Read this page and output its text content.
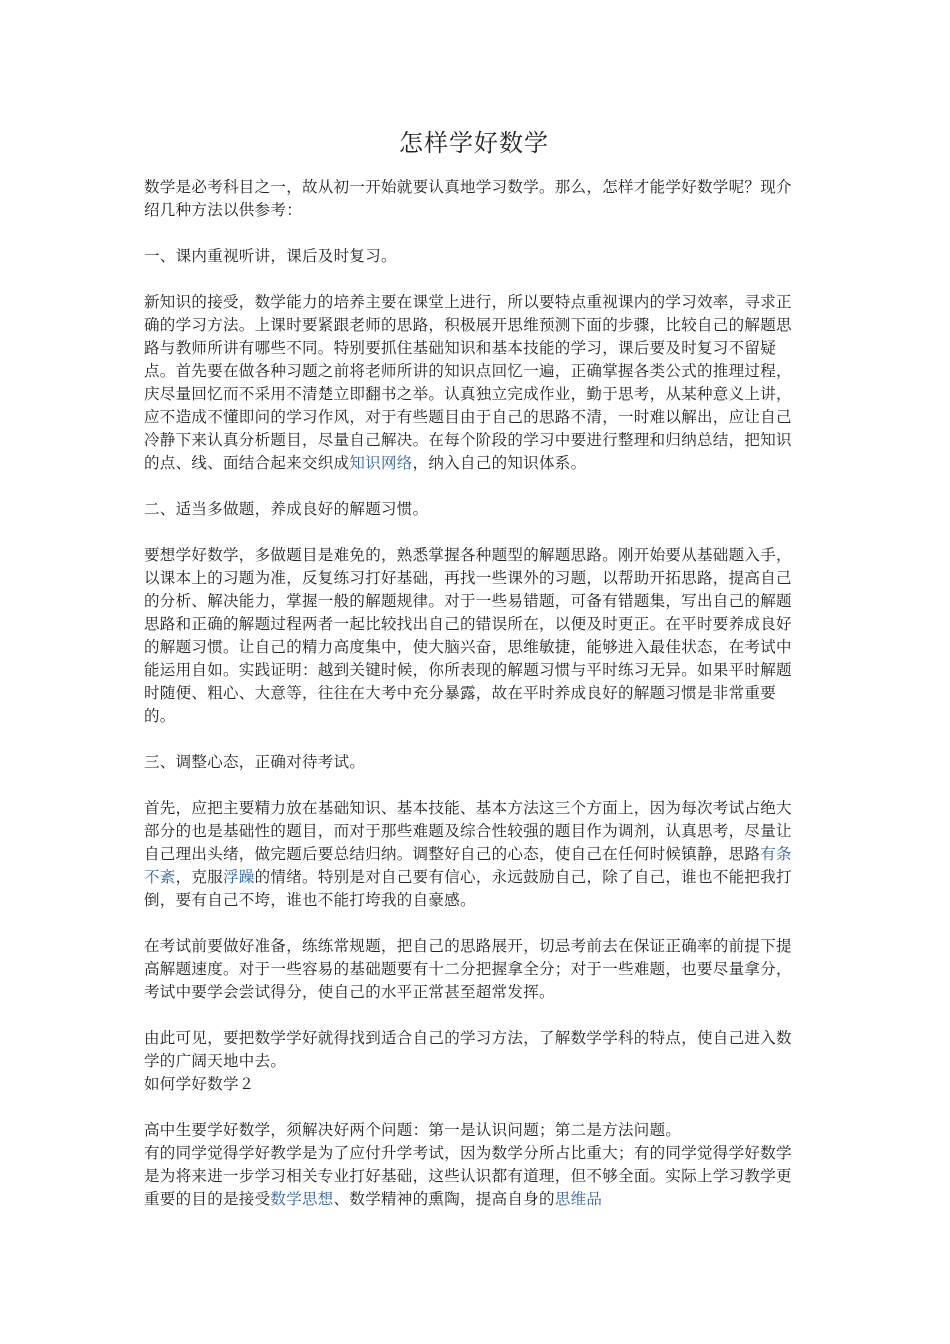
怎样学好数学

数学是必考科目之一，故从初一开始就要认真地学习数学。那么，怎样才能学好数学呢？现介绍几种方法以供参考：

一、课内重视听讲，课后及时复习。

新知识的接受，数学能力的培养主要在课堂上进行，所以要特点重视课内的学习效率，寻求正确的学习方法。上课时要紧跟老师的思路，积极展开思维预测下面的步骤，比较自己的解题思路与教师所讲有哪些不同。特别要抓住基础知识和基本技能的学习，课后要及时复习不留疑点。首先要在做各种习题之前将老师所讲的知识点回忆一遍，正确掌握各类公式的推理过程，庆尽量回忆而不采用不清楚立即翻书之举。认真独立完成作业，勤于思考，从某种意义上讲，应不造成不懂即问的学习作风，对于有些题目由于自己的思路不清，一时难以解出，应让自己冷静下来认真分析题目，尽量自己解决。在每个阶段的学习中要进行整理和归纳总结，把知识的点、线、面结合起来交织成知识网络，纳入自己的知识体系。

二、适当多做题，养成良好的解题习惯。

要想学好数学，多做题目是难免的，熟悉掌握各种题型的解题思路。刚开始要从基础题入手，以课本上的习题为准，反复练习打好基础，再找一些课外的习题，以帮助开拓思路，提高自己的分析、解决能力，掌握一般的解题规律。对于一些易错题，可备有错题集，写出自己的解题思路和正确的解题过程两者一起比较找出自己的错误所在，以便及时更正。在平时要养成良好的解题习惯。让自己的精力高度集中，使大脑兴奋，思维敏捷，能够进入最佳状态，在考试中能运用自如。实践证明：越到关键时候，你所表现的解题习惯与平时练习无异。如果平时解题时随便、粗心、大意等，往往在大考中充分暴露，故在平时养成良好的解题习惯是非常重要的。

三、调整心态，正确对待考试。

首先，应把主要精力放在基础知识、基本技能、基本方法这三个方面上，因为每次考试占绝大部分的也是基础性的题目，而对于那些难题及综合性较强的题目作为调剂，认真思考，尽量让自己理出头绪，做完题后要总结归纳。调整好自己的心态，使自己在任何时候镇静，思路有条不紊，克服浮躁的情绪。特别是对自己要有信心，永远鼓励自己，除了自己，谁也不能把我打倒，要有自己不垮，谁也不能打垮我的自豪感。

在考试前要做好准备，练练常规题，把自己的思路展开，切忌考前去在保证正确率的前提下提高解题速度。对于一些容易的基础题要有十二分把握拿全分；对于一些难题，也要尽量拿分，考试中要学会尝试得分，使自己的水平正常甚至超常发挥。

由此可见，要把数学学好就得找到适合自己的学习方法，了解数学学科的特点，使自己进入数学的广阔天地中去。

如何学好数学２

高中生要学好数学，须解决好两个问题：第一是认识问题；第二是方法问题。

有的同学觉得学好教学是为了应付升学考试，因为数学分所占比重大；有的同学觉得学好数学是为将来进一步学习相关专业打好基础，这些认识都有道理，但不够全面。实际上学习教学更重要的目的是接受数学思想、数学精神的熏陶，提高自身的思维品
